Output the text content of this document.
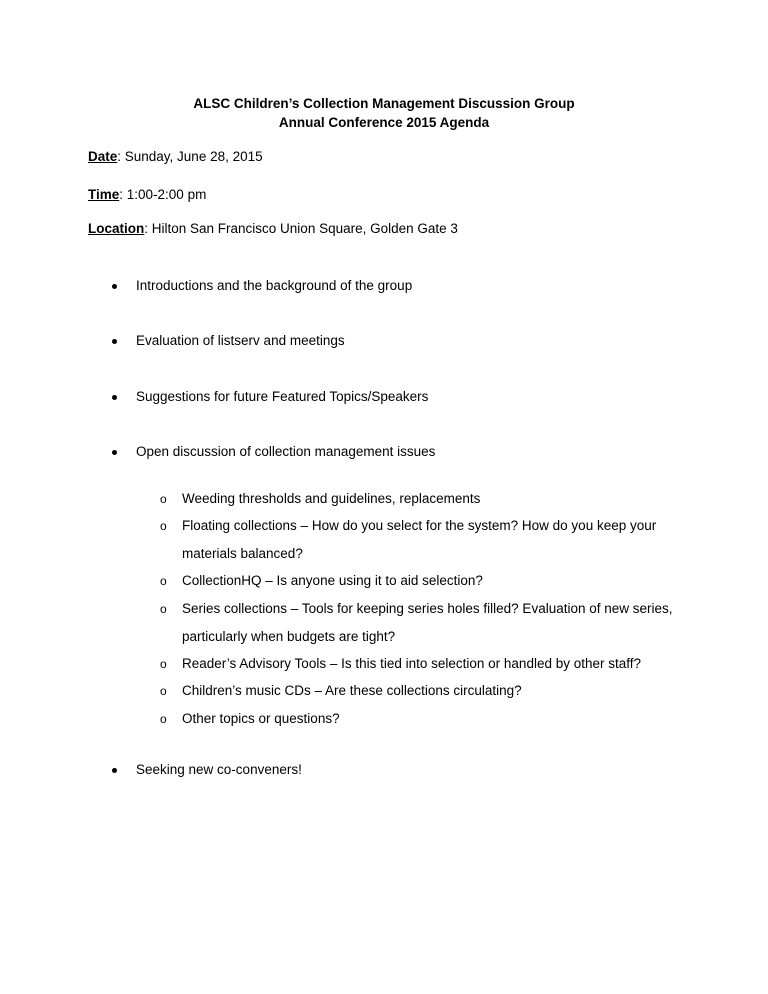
ALSC Children’s Collection Management Discussion Group
Annual Conference 2015 Agenda
Date: Sunday, June 28, 2015
Time: 1:00-2:00 pm
Location: Hilton San Francisco Union Square, Golden Gate 3
Introductions and the background of the group
Evaluation of listserv and meetings
Suggestions for future Featured Topics/Speakers
Open discussion of collection management issues
o Weeding thresholds and guidelines, replacements
o Floating collections – How do you select for the system? How do you keep your materials balanced?
o CollectionHQ – Is anyone using it to aid selection?
o Series collections – Tools for keeping series holes filled? Evaluation of new series, particularly when budgets are tight?
o Reader’s Advisory Tools – Is this tied into selection or handled by other staff?
o Children’s music CDs – Are these collections circulating?
o Other topics or questions?
Seeking new co-conveners!
